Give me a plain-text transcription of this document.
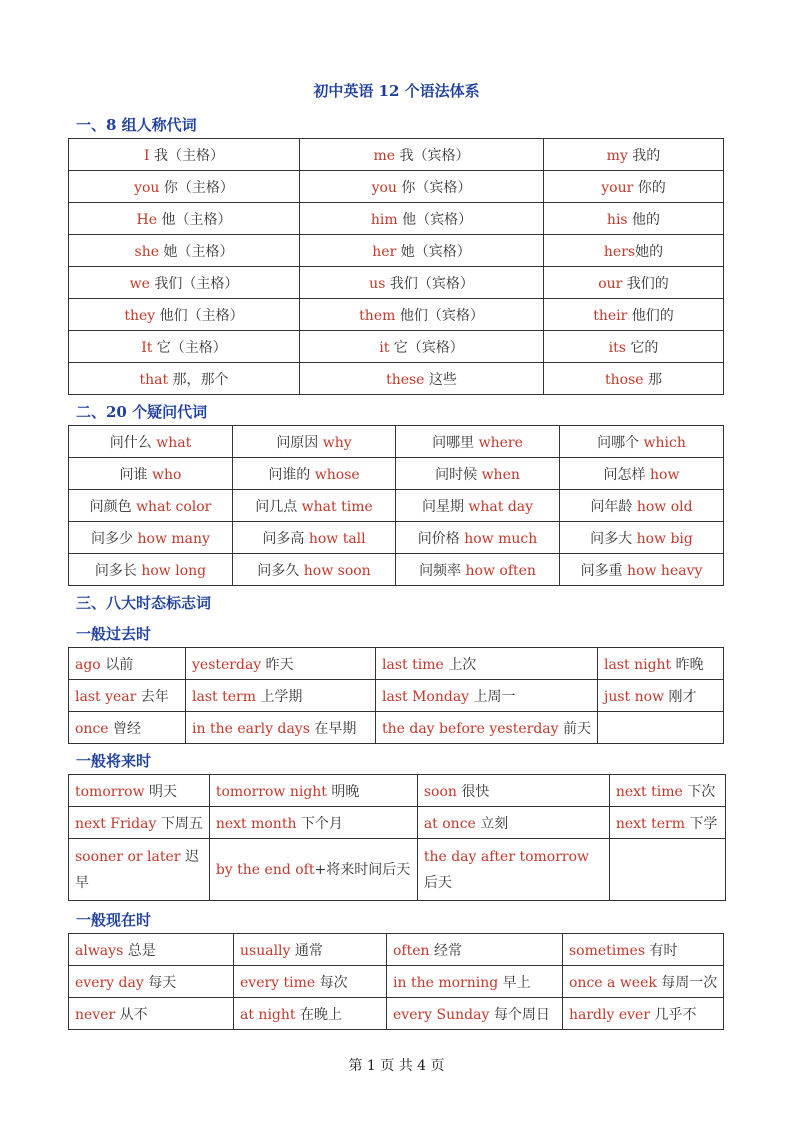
初中英语 12 个语法体系
一、8 组人称代词
I 我（主格）	me 我（宾格）	my 我的
you 你（主格）	you 你（宾格）	your 你的
He 他（主格）	him 他（宾格）	his 他的
she 她（主格）	her 她（宾格）	hers她的
we 我们（主格）	us 我们（宾格）	our 我们的
they 他们（主格）	them 他们（宾格）	their 他们的
It 它（主格）	it 它（宾格）	its 它的
that 那，那个	these 这些	those 那
二、20 个疑问代词
问什么 what	问原因 why	问哪里 where	问哪个 which
问谁 who	问谁的 whose	问时候 when	问怎样 how
问颜色 what color	问几点 what time	问星期 what day	问年龄 how old
问多少 how many	问多高 how tall	问价格 how much	问多大 how big
问多长 how long	问多久 how soon	问频率 how often	问多重 how heavy
三、八大时态标志词
一般过去时
ago 以前	yesterday 昨天	last time 上次	last night 昨晚
last year 去年	last term 上学期	last Monday 上周一	just now 刚才
once 曾经	in the early days 在早期	the day before yesterday 前天	
一般将来时
tomorrow 明天	tomorrow night 明晚	soon 很快	next time 下次
next Friday 下周五	next month 下个月	at once 立刻	next term 下学
sooner or later 迟早	by the end oft+将来时间后天	the day after tomorrow 后天	
一般现在时
always 总是	usually 通常	often 经常	sometimes 有时
every day 每天	every time 每次	in the morning 早上	once a week 每周一次
never 从不	at night 在晚上	every Sunday 每个周日	hardly ever 几乎不
第 1 页 共 4 页
